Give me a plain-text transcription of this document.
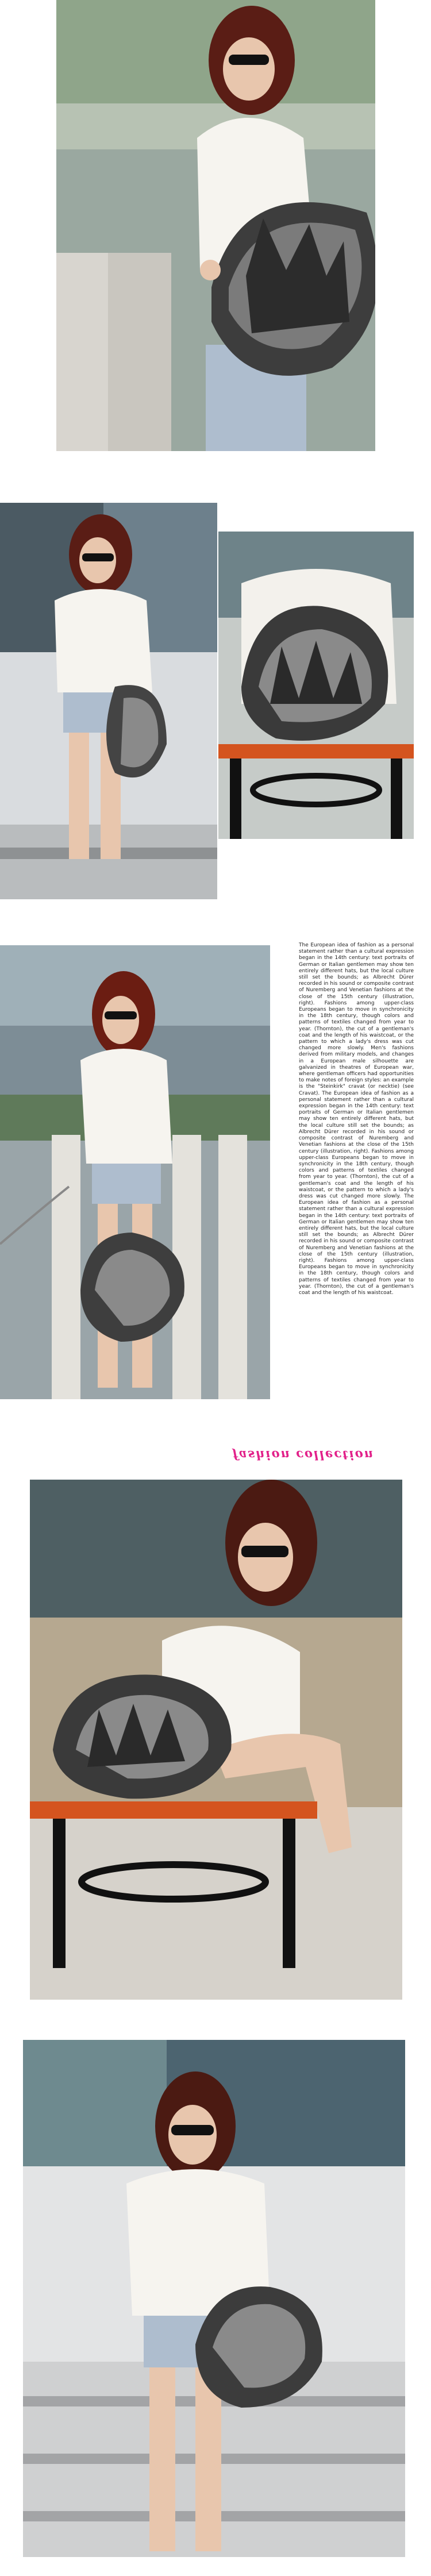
The European idea of fashion as a personal statement rather than a cultural expression began in the 14th century: text portraits of German or Italian gentlemen may show ten entirely different hats, but the local culture still set the bounds; as Albrecht Dürer recorded in his sound or composite contrast of Nuremberg and Venetian fashions at the close of the 15th century (illustration, right). Fashions among upper-class Europeans began to move in synchronicity in the 18th century, though colors and patterns of textiles changed from year to year. (Thornton), the cut of a gentleman's coat and the length of his waistcoat, or the pattern to which a lady's dress was cut changed more slowly. Men's fashions derived from military models, and changes in a European male silhouette are galvanized in theatres of European war, where gentleman officers had opportunities to make notes of foreign styles: an example is the "Steinkirk" cravat (or necktie) (see Cravat). The European idea of fashion as a personal statement rather than a cultural expression began in the 14th century: text portraits of German or Italian gentlemen may show ten entirely different hats, but the local culture still set the bounds; as Albrecht Dürer recorded in his sound or composite contrast of Nuremberg and Venetian fashions at the close of the 15th century (illustration, right). Fashions among upper-class Europeans began to move in synchronicity in the 18th century, though colors and patterns of textiles changed from year to year. (Thornton), the cut of a gentleman's coat and the length of his waistcoat, or the pattern to which a lady's dress was cut changed more slowly. The European idea of fashion as a personal statement rather than a cultural expression began in the 14th century: text portraits of German or Italian gentlemen may show ten entirely different hats, but the local culture still set the bounds; as Albrecht Dürer recorded in his sound or composite contrast of Nuremberg and Venetian fashions at the close of the 15th century (illustration, right). Fashions among upper-class Europeans began to move in synchronicity in the 18th century, though colors and patterns of textiles changed from year to year. (Thornton), the cut of a gentleman's coat and the length of his waistcoat.
fashion collection
